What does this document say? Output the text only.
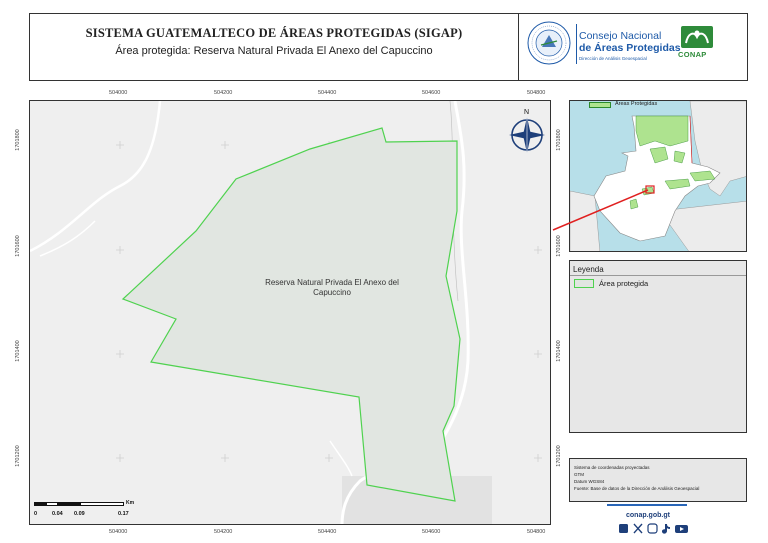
SISTEMA GUATEMALTECO DE ÁREAS PROTEGIDAS (SIGAP)
Área protegida: Reserva Natural Privada El Anexo del Capuccino
Consejo Nacional
de Áreas Protegidas
Dirección de Análisis Geoespacial	CONAP
504000	504200	504400	504600	504800
504000	504200	504400	504600	504800
1701800
1701600
1701400
1701200
1701800
1701600
1701400
1701200
Reserva Natural Privada El Anexo del Capuccino
N
Km
0	0.04 0.09	0.17
Áreas Protegidas
Leyenda
Área protegida
Sistema de coordenadas proyectadas
GTM
Datum WGS84
Fuente: Base de datos de la Dirección de Análisis Geoespacial
conap.gob.gt
